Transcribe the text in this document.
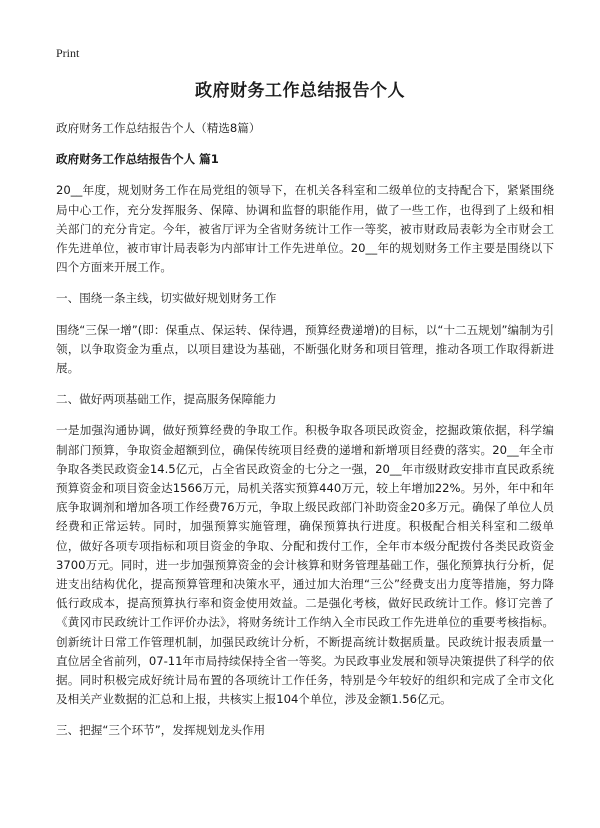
Print
政府财务工作总结报告个人

政府财务工作总结报告个人（精选8篇）

政府财务工作总结报告个人 篇1

20__年度，规划财务工作在局党组的领导下，在机关各科室和二级单位的支持配合下，紧紧围绕局中心工作，充分发挥服务、保障、协调和监督的职能作用，做了一些工作，也得到了上级和相关部门的充分肯定。今年，被省厅评为全省财务统计工作一等奖，被市财政局表彰为全市财会工作先进单位，被市审计局表彰为内部审计工作先进单位。20__年的规划财务工作主要是围绕以下四个方面来开展工作。

一、围绕一条主线，切实做好规划财务工作

围绕“三保一增”(即：保重点、保运转、保待遇，预算经费递增)的目标，以“十二五规划”编制为引领，以争取资金为重点，以项目建设为基础，不断强化财务和项目管理，推动各项工作取得新进展。

二、做好两项基础工作，提高服务保障能力

一是加强沟通协调，做好预算经费的争取工作。积极争取各项民政资金，挖掘政策依据，科学编制部门预算，争取资金超额到位，确保传统项目经费的递增和新增项目经费的落实。20__年全市争取各类民政资金14.5亿元，占全省民政资金的七分之一强，20__年市级财政安排市直民政系统预算资金和项目资金达1566万元，局机关落实预算440万元，较上年增加22%。另外，年中和年底争取调剂和增加各项工作经费76万元，争取上级民政部门补助资金20多万元。确保了单位人员经费和正常运转。同时，加强预算实施管理，确保预算执行进度。积极配合相关科室和二级单位，做好各项专项指标和项目资金的争取、分配和拨付工作，全年市本级分配拨付各类民政资金3700万元。同时，进一步加强预算资金的会计核算和财务管理基础工作，强化预算执行分析，促进支出结构优化，提高预算管理和决策水平，通过加大治理“三公”经费支出力度等措施，努力降低行政成本，提高预算执行率和资金使用效益。二是强化考核，做好民政统计工作。修订完善了《黄冈市民政统计工作评价办法》，将财务统计工作纳入全市民政工作先进单位的重要考核指标。创新统计日常工作管理机制，加强民政统计分析，不断提高统计数据质量。民政统计报表质量一直位居全省前列，07-11年市局持续保持全省一等奖。为民政事业发展和领导决策提供了科学的依据。同时积极完成好统计局布置的各项统计工作任务，特别是今年较好的组织和完成了全市文化及相关产业数据的汇总和上报，共核实上报104个单位，涉及金额1.56亿元。

三、把握“三个环节”，发挥规划龙头作用
